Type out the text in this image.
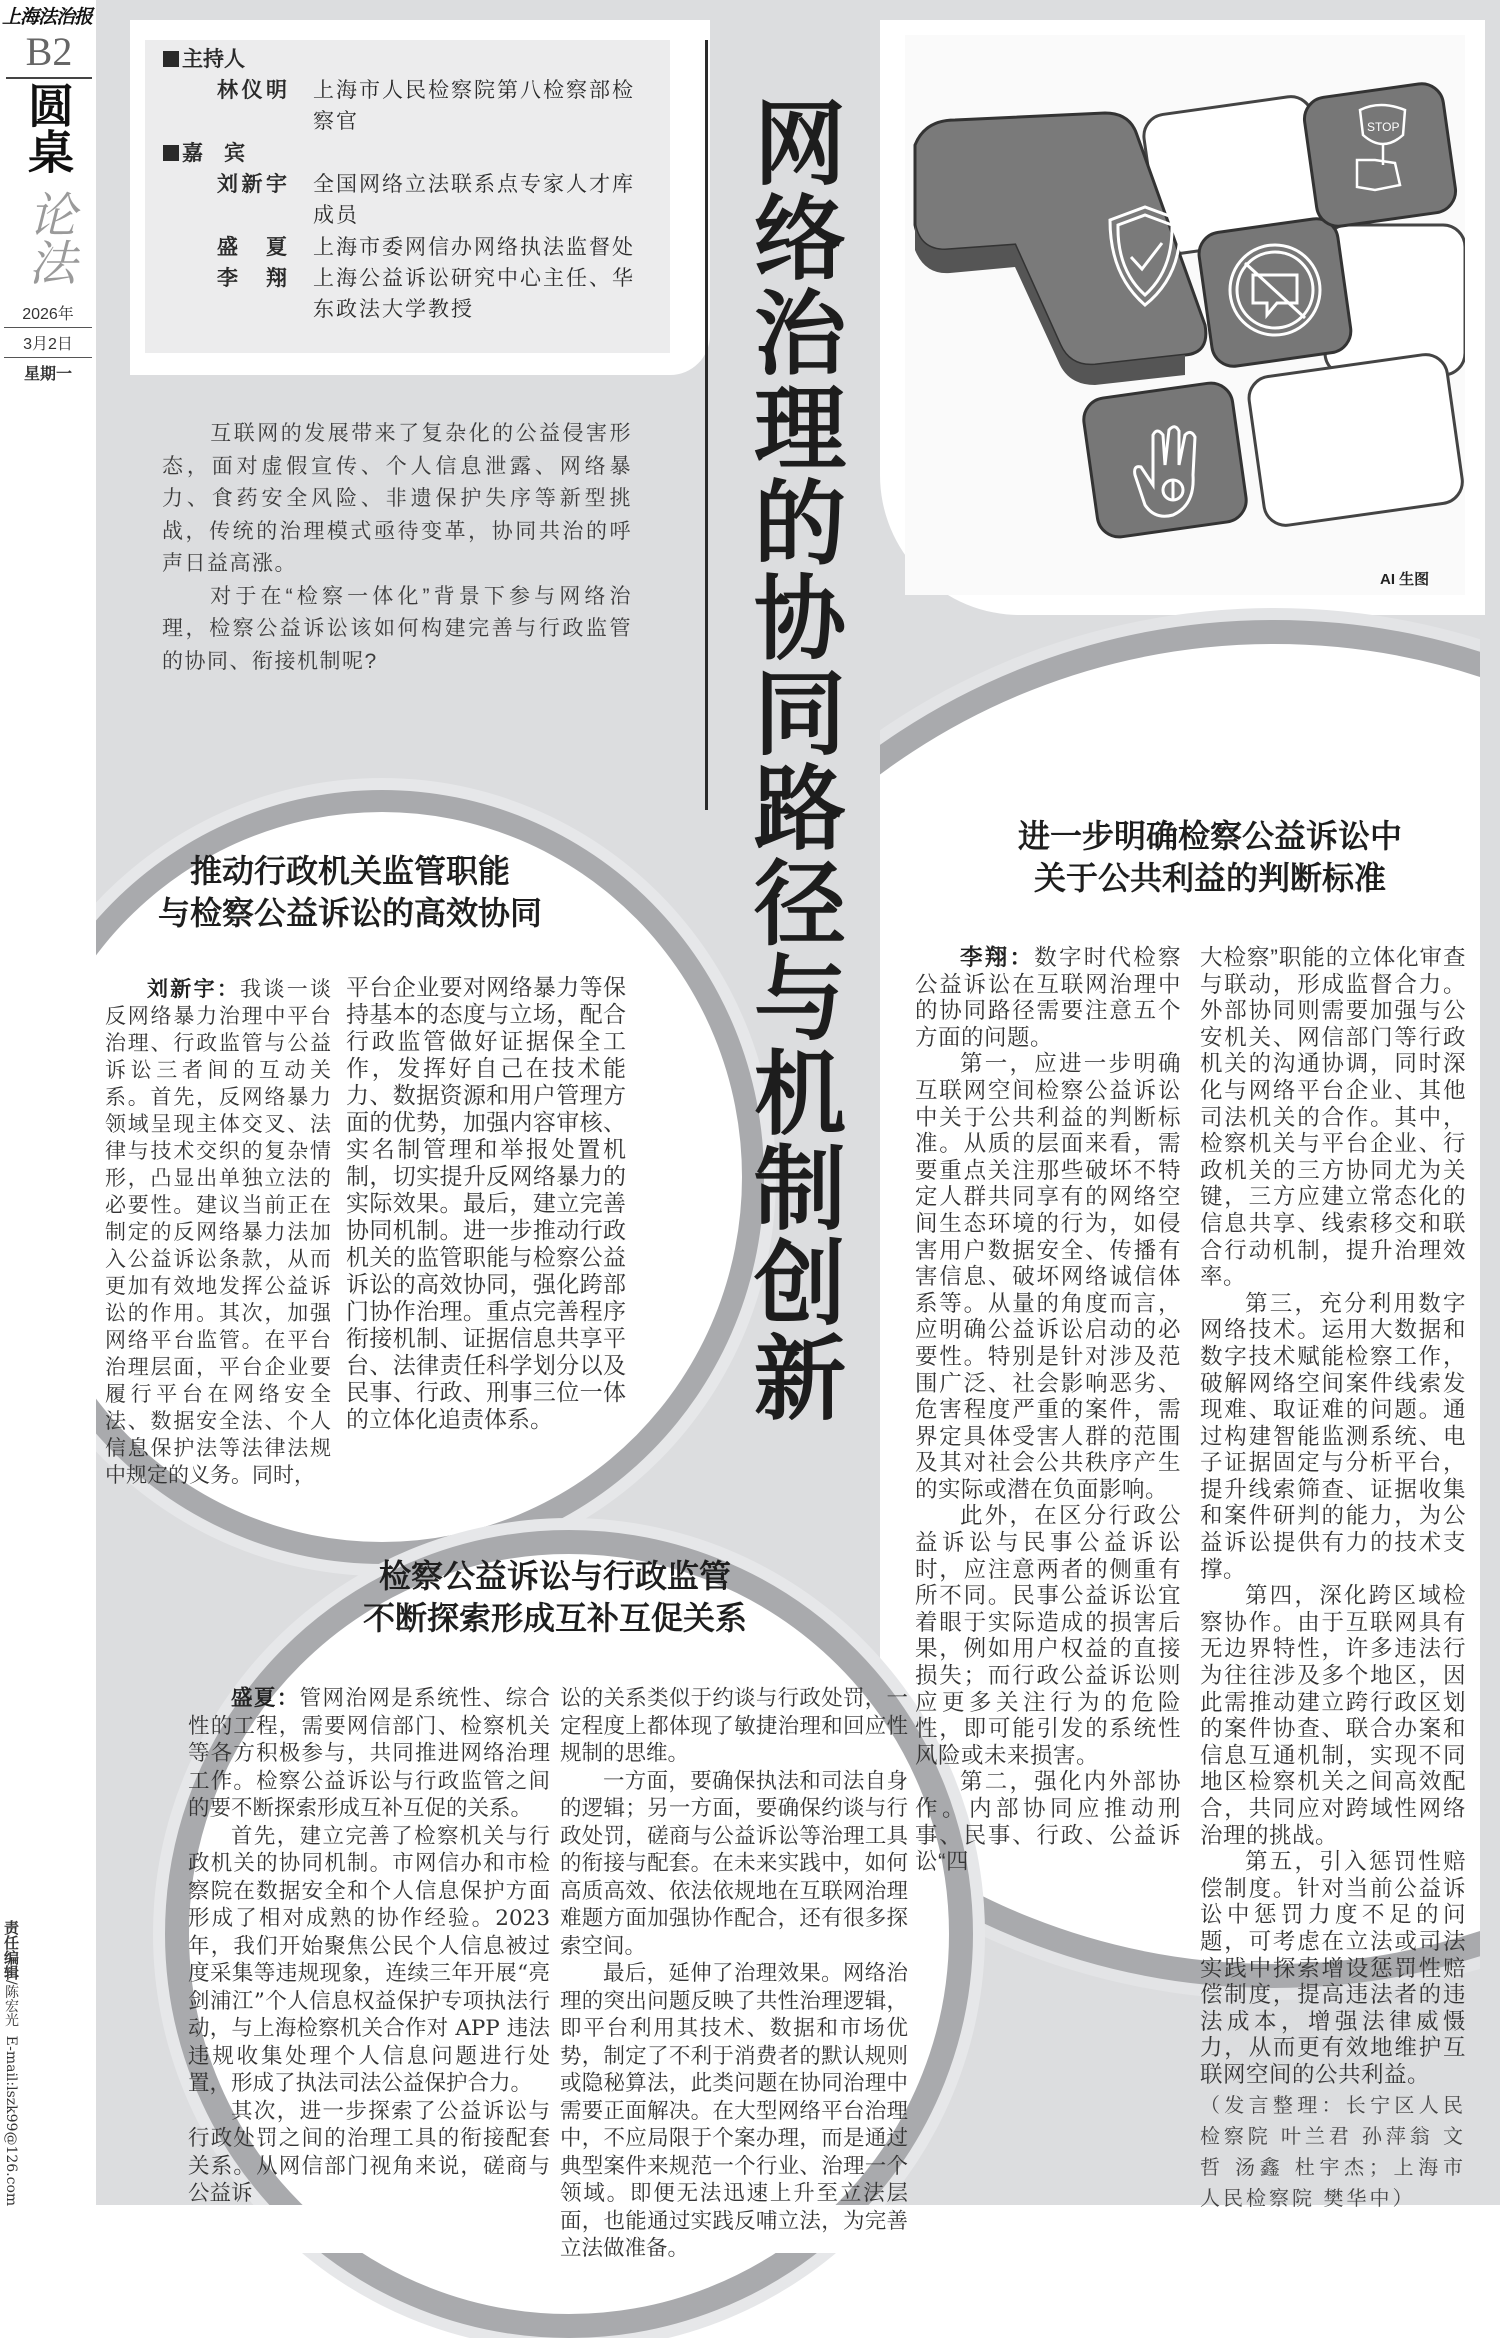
上海法治报
B2
圆桌
论法
2026年
3月2日
星期一
责任编辑/陈宏光  E-mail:lszk99@126.com
主持人
林仪明 上海市人民检察院第八检察部检察官
嘉　宾
刘新宇 全国网络立法联系点专家人才库成员
盛夏 上海市委网信办网络执法监督处
李翔 上海公益诉讼研究中心主任、华东政法大学教授

互联网的发展带来了复杂化的公益侵害形态，面对虚假宣传、个人信息泄露、网络暴力、食药安全风险、非遗保护失序等新型挑战，传统的治理模式亟待变革，协同共治的呼声日益高涨。

对于在“检察一体化”背景下参与网络治理，检察公益诉讼该如何构建完善与行政监管的协同、衔接机制呢?	网络治理的协同路径与机制创新	STOP
AI 生图
推动行政机关监管职能
与检察公益诉讼的高效协同

刘新宇：我谈一谈反网络暴力治理中平台治理、行政监管与公益诉讼三者间的互动关系。首先，反网络暴力领域呈现主体交叉、法律与技术交织的复杂情形，凸显出单独立法的必要性。建议当前正在制定的反网络暴力法加入公益诉讼条款，从而更加有效地发挥公益诉讼的作用。其次，加强网络平台监管。在平台治理层面，平台企业要履行平台在网络安全法、数据安全法、个人信息保护法等法律法规中规定的义务。同时，

平台企业要对网络暴力等保持基本的态度与立场，配合行政监管做好证据保全工作，发挥好自己在技术能力、数据资源和用户管理方面的优势，加强内容审核、实名制管理和举报处置机制，切实提升反网络暴力的实际效果。最后，建立完善协同机制。进一步推动行政机关的监管职能与检察公益诉讼的高效协同，强化跨部门协作治理。重点完善程序衔接机制、证据信息共享平台、法律责任科学划分以及民事、行政、刑事三位一体的立体化追责体系。

进一步明确检察公益诉讼中
关于公共利益的判断标准

李翔：数字时代检察公益诉讼在互联网治理中的协同路径需要注意五个方面的问题。

第一，应进一步明确互联网空间检察公益诉讼中关于公共利益的判断标准。从质的层面来看，需要重点关注那些破坏不特定人群共同享有的网络空间生态环境的行为，如侵害用户数据安全、传播有害信息、破坏网络诚信体系等。从量的角度而言，应明确公益诉讼启动的必要性。特别是针对涉及范围广泛、社会影响恶劣、危害程度严重的案件，需界定具体受害人群的范围及其对社会公共秩序产生的实际或潜在负面影响。

此外，在区分行政公益诉讼与民事公益诉讼时，应注意两者的侧重有所不同。民事公益诉讼宜着眼于实际造成的损害后果，例如用户权益的直接损失；而行政公益诉讼则应更多关注行为的危险性，即可能引发的系统性风险或未来损害。

第二，强化内外部协作。内部协同应推动刑事、民事、行政、公益诉讼“四

大检察”职能的立体化审查与联动，形成监督合力。外部协同则需要加强与公安机关、网信部门等行政机关的沟通协调，同时深化与网络平台企业、其他司法机关的合作。其中，检察机关与平台企业、行政机关的三方协同尤为关键，三方应建立常态化的信息共享、线索移交和联合行动机制，提升治理效率。

第三，充分利用数字网络技术。运用大数据和数字技术赋能检察工作，破解网络空间案件线索发现难、取证难的问题。通过构建智能监测系统、电子证据固定与分析平台，提升线索筛查、证据收集和案件研判的能力，为公益诉讼提供有力的技术支撑。

第四，深化跨区域检察协作。由于互联网具有无边界特性，许多违法行为往往涉及多个地区，因此需推动建立跨行政区划的案件协查、联合办案和信息互通机制，实现不同地区检察机关之间高效配合，共同应对跨域性网络治理的挑战。

第五，引入惩罚性赔偿制度。针对当前公益诉讼中惩罚力度不足的问题，可考虑在立法或司法实践中探索增设惩罚性赔偿制度，提高违法者的违法成本，增强法律威慑力，从而更有效地维护互联网空间的公共利益。

（发言整理：长宁区人民检察院 叶兰君 孙萍翁 文哲 汤鑫 杜宇杰；上海市人民检察院 樊华中）
检察公益诉讼与行政监管
不断探索形成互补互促关系

盛夏：管网治网是系统性、综合性的工程，需要网信部门、检察机关等各方积极参与，共同推进网络治理工作。检察公益诉讼与行政监管之间的要不断探索形成互补互促的关系。

首先，建立完善了检察机关与行政机关的协同机制。市网信办和市检察院在数据安全和个人信息保护方面形成了相对成熟的协作经验。2023年，我们开始聚焦公民个人信息被过度采集等违规现象，连续三年开展“亮剑浦江”个人信息权益保护专项执法行动，与上海检察机关合作对 APP 违法违规收集处理个人信息问题进行处置，形成了执法司法公益保护合力。

其次，进一步探索了公益诉讼与行政处罚之间的治理工具的衔接配套关系。从网信部门视角来说，磋商与公益诉

讼的关系类似于约谈与行政处罚，一定程度上都体现了敏捷治理和回应性规制的思维。

一方面，要确保执法和司法自身的逻辑；另一方面，要确保约谈与行政处罚，磋商与公益诉讼等治理工具的衔接与配套。在未来实践中，如何高质高效、依法依规地在互联网治理难题方面加强协作配合，还有很多探索空间。

最后，延伸了治理效果。网络治理的突出问题反映了共性治理逻辑，即平台利用其技术、数据和市场优势，制定了不利于消费者的默认规则或隐秘算法，此类问题在协同治理中需要正面解决。在大型网络平台治理中，不应局限于个案办理，而是通过典型案件来规范一个行业、治理一个领域。即便无法迅速上升至立法层面，也能通过实践反哺立法，为完善立法做准备。
